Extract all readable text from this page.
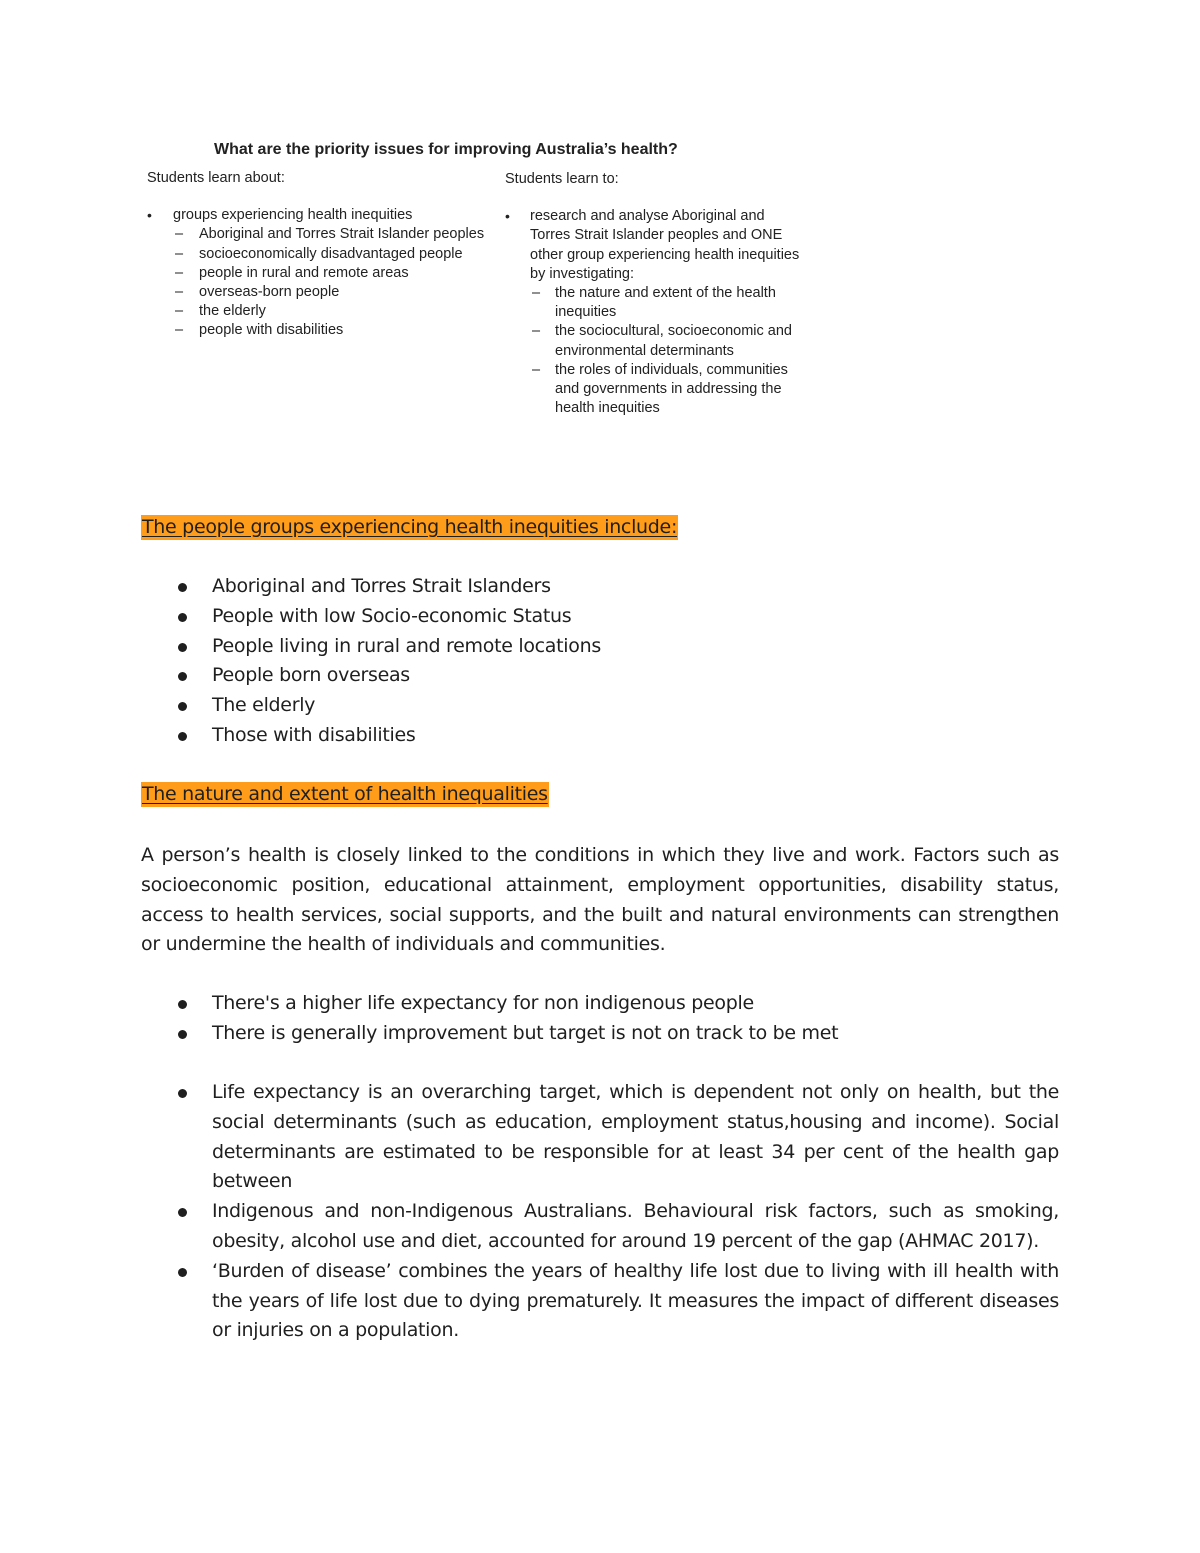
What are the priority issues for improving Australia’s health?
Students learn about:
• groups experiencing health inequities
– Aboriginal and Torres Strait Islander peoples
– socioeconomically disadvantaged people
– people in rural and remote areas
– overseas-born people
– the elderly
– people with disabilities
Students learn to:
• research and analyse Aboriginal and Torres Strait Islander peoples and ONE other group experiencing health inequities by investigating:
– the nature and extent of the health inequities
– the sociocultural, socioeconomic and environmental determinants
– the roles of individuals, communities and governments in addressing the health inequities
The people groups experiencing health inequities include:
Aboriginal and Torres Strait Islanders
People with low Socio-economic Status
People living in rural and remote locations
People born overseas
The elderly
Those with disabilities
The nature and extent of health inequalities

A person’s health is closely linked to the conditions in which they live and work. Factors such as socioeconomic position, educational attainment, employment opportunities, disability status, access to health services, social supports, and the built and natural environments can strengthen or undermine the health of individuals and communities.

There's a higher life expectancy for non indigenous people
There is generally improvement but target is not on track to be met
Life expectancy is an overarching target, which is dependent not only on health, but the social determinants (such as education, employment status,housing and income). Social determinants are estimated to be responsible for at least 34 per cent of the health gap between
Indigenous and non-Indigenous Australians. Behavioural risk factors, such as smoking, obesity, alcohol use and diet, accounted for around 19 percent of the gap (AHMAC 2017).
‘Burden of disease’ combines the years of healthy life lost due to living with ill health with the years of life lost due to dying prematurely. It measures the impact of different diseases or injuries on a population.
